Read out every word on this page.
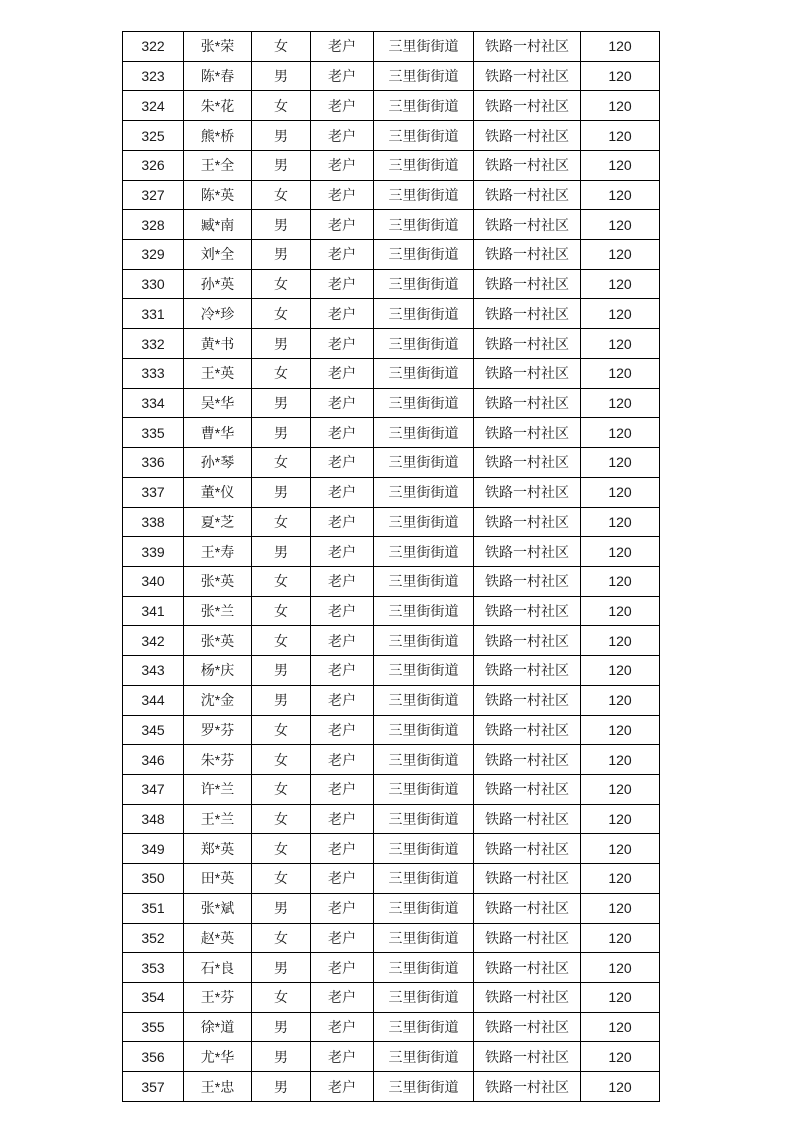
322	张*荣	女	老户	三里街街道	铁路一村社区	120
323	陈*春	男	老户	三里街街道	铁路一村社区	120
324	朱*花	女	老户	三里街街道	铁路一村社区	120
325	熊*桥	男	老户	三里街街道	铁路一村社区	120
326	王*全	男	老户	三里街街道	铁路一村社区	120
327	陈*英	女	老户	三里街街道	铁路一村社区	120
328	臧*南	男	老户	三里街街道	铁路一村社区	120
329	刘*全	男	老户	三里街街道	铁路一村社区	120
330	孙*英	女	老户	三里街街道	铁路一村社区	120
331	冷*珍	女	老户	三里街街道	铁路一村社区	120
332	黄*书	男	老户	三里街街道	铁路一村社区	120
333	王*英	女	老户	三里街街道	铁路一村社区	120
334	吴*华	男	老户	三里街街道	铁路一村社区	120
335	曹*华	男	老户	三里街街道	铁路一村社区	120
336	孙*琴	女	老户	三里街街道	铁路一村社区	120
337	董*仪	男	老户	三里街街道	铁路一村社区	120
338	夏*芝	女	老户	三里街街道	铁路一村社区	120
339	王*寿	男	老户	三里街街道	铁路一村社区	120
340	张*英	女	老户	三里街街道	铁路一村社区	120
341	张*兰	女	老户	三里街街道	铁路一村社区	120
342	张*英	女	老户	三里街街道	铁路一村社区	120
343	杨*庆	男	老户	三里街街道	铁路一村社区	120
344	沈*金	男	老户	三里街街道	铁路一村社区	120
345	罗*芬	女	老户	三里街街道	铁路一村社区	120
346	朱*芬	女	老户	三里街街道	铁路一村社区	120
347	许*兰	女	老户	三里街街道	铁路一村社区	120
348	王*兰	女	老户	三里街街道	铁路一村社区	120
349	郑*英	女	老户	三里街街道	铁路一村社区	120
350	田*英	女	老户	三里街街道	铁路一村社区	120
351	张*斌	男	老户	三里街街道	铁路一村社区	120
352	赵*英	女	老户	三里街街道	铁路一村社区	120
353	石*良	男	老户	三里街街道	铁路一村社区	120
354	王*芬	女	老户	三里街街道	铁路一村社区	120
355	徐*道	男	老户	三里街街道	铁路一村社区	120
356	尤*华	男	老户	三里街街道	铁路一村社区	120
357	王*忠	男	老户	三里街街道	铁路一村社区	120
